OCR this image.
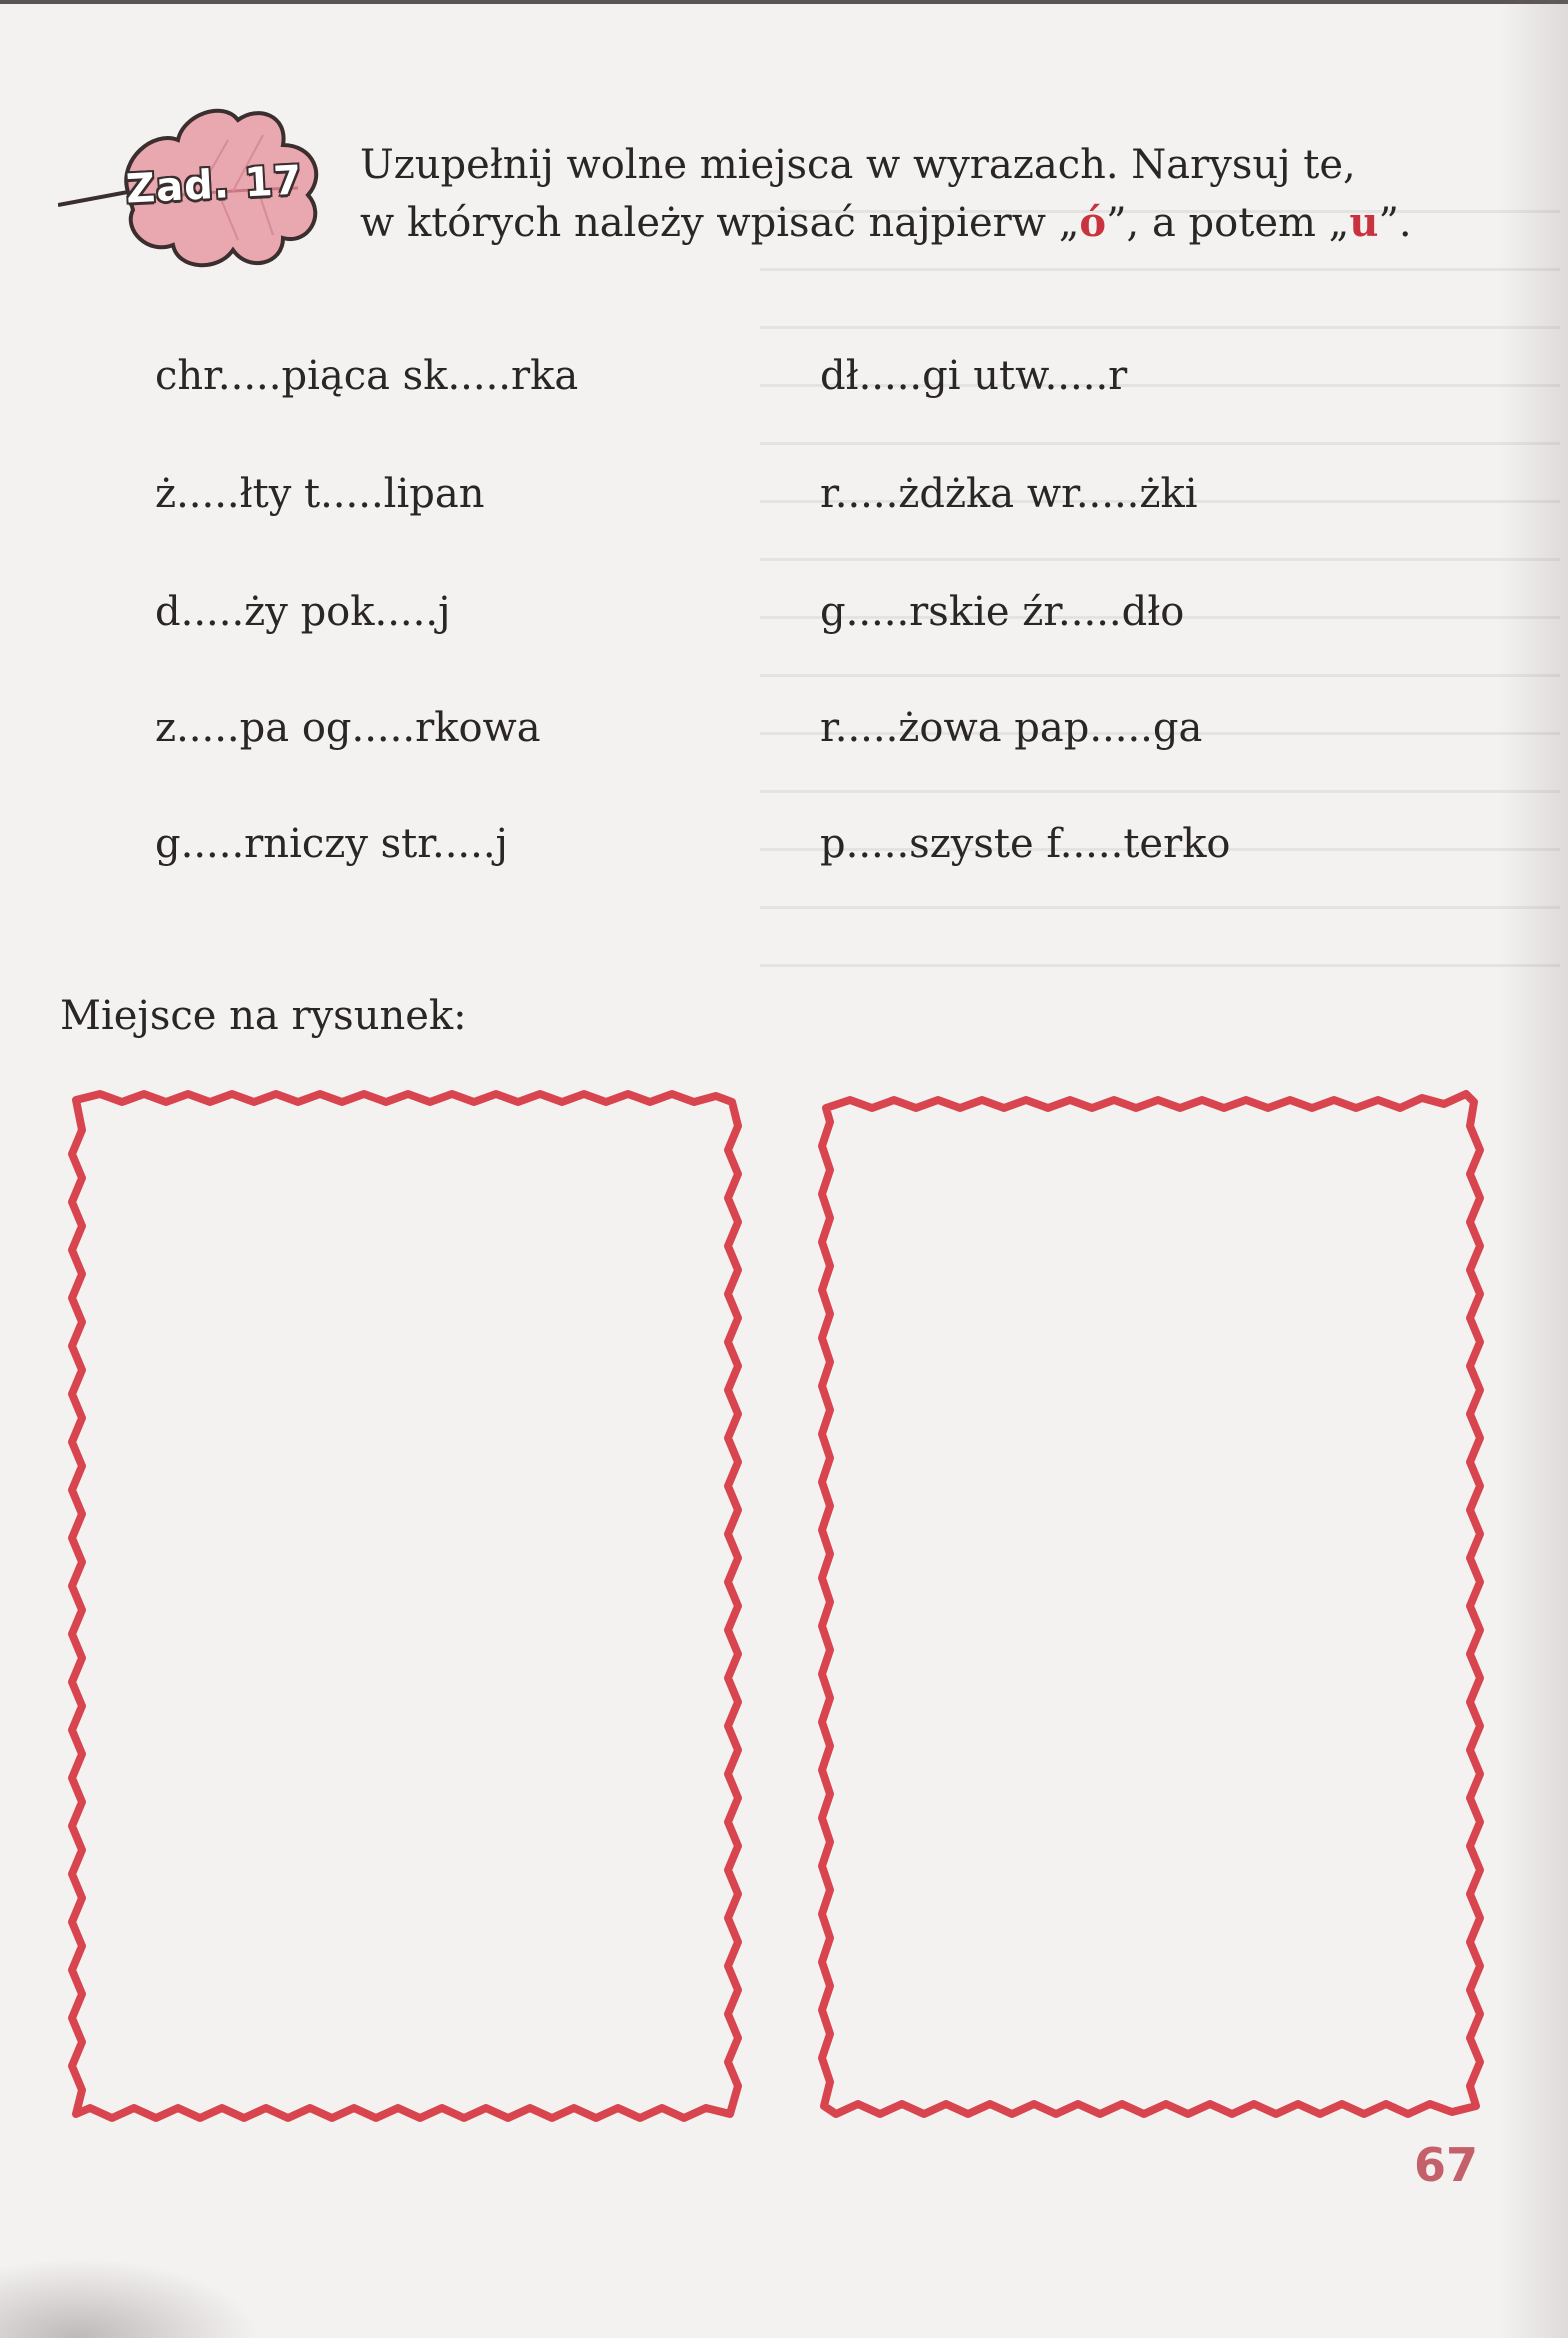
Zad. 17 Uzupełnij wolne miejsca w wyrazach. Narysuj te,
w których należy wpisać najpierw „ó”, a potem „u”.
chr.....piąca sk.....rka
ż.....łty t.....lipan
d.....ży pok.....j
z.....pa og.....rkowa
g.....rniczy str.....j
dł.....gi utw.....r
r.....żdżka wr.....żki
g.....rskie źr.....dło
r.....żowa pap.....ga
p.....szyste f.....terko
Miejsce na rysunek:
67
